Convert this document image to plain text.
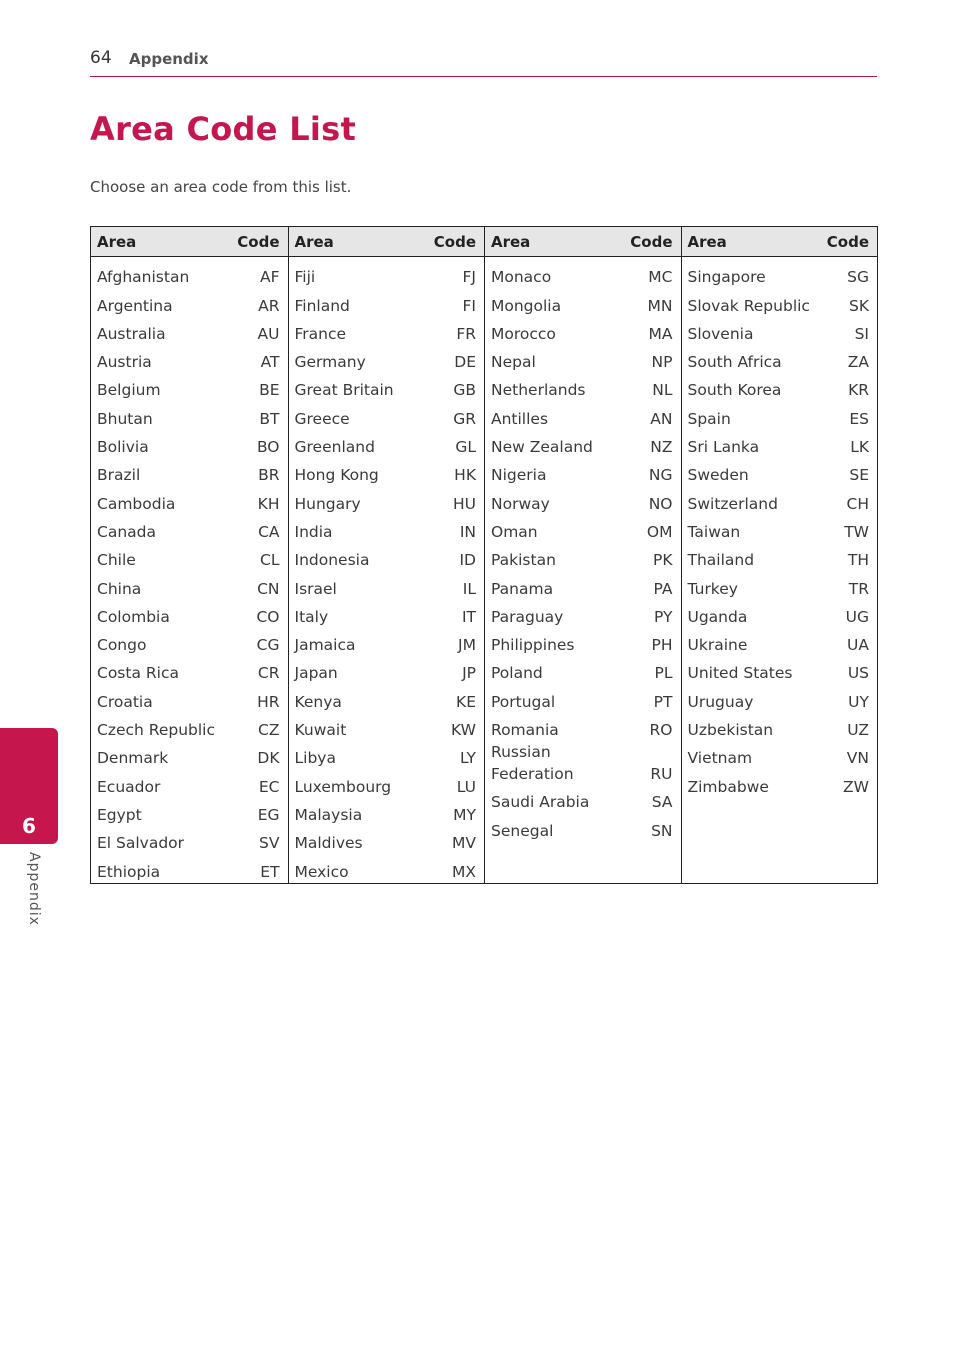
64 Appendix
Area Code List
Choose an area code from this list.
Area	Code
Afghanistan	AF
Argentina	AR
Australia	AU
Austria	AT
Belgium	BE
Bhutan	BT
Bolivia	BO
Brazil	BR
Cambodia	KH
Canada	CA
Chile	CL
China	CN
Colombia	CO
Congo	CG
Costa Rica	CR
Croatia	HR
Czech Republic	CZ
Denmark	DK
Ecuador	EC
Egypt	EG
El Salvador	SV
Ethiopia	ET
Area	Code
Fiji	FJ
Finland	FI
France	FR
Germany	DE
Great Britain	GB
Greece	GR
Greenland	GL
Hong Kong	HK
Hungary	HU
India	IN
Indonesia	ID
Israel	IL
Italy	IT
Jamaica	JM
Japan	JP
Kenya	KE
Kuwait	KW
Libya	LY
Luxembourg	LU
Malaysia	MY
Maldives	MV
Mexico	MX
Area	Code
Monaco	MC
Mongolia	MN
Morocco	MA
Nepal	NP
Netherlands	NL
Antilles	AN
New Zealand	NZ
Nigeria	NG
Norway	NO
Oman	OM
Pakistan	PK
Panama	PA
Paraguay	PY
Philippines	PH
Poland	PL
Portugal	PT
Romania	RO
Russian Federation	RU
Saudi Arabia	SA
Senegal	SN
Area	Code
Singapore	SG
Slovak Republic	SK
Slovenia	SI
South Africa	ZA
South Korea	KR
Spain	ES
Sri Lanka	LK
Sweden	SE
Switzerland	CH
Taiwan	TW
Thailand	TH
Turkey	TR
Uganda	UG
Ukraine	UA
United States	US
Uruguay	UY
Uzbekistan	UZ
Vietnam	VN
Zimbabwe	ZW
6
Appendix
